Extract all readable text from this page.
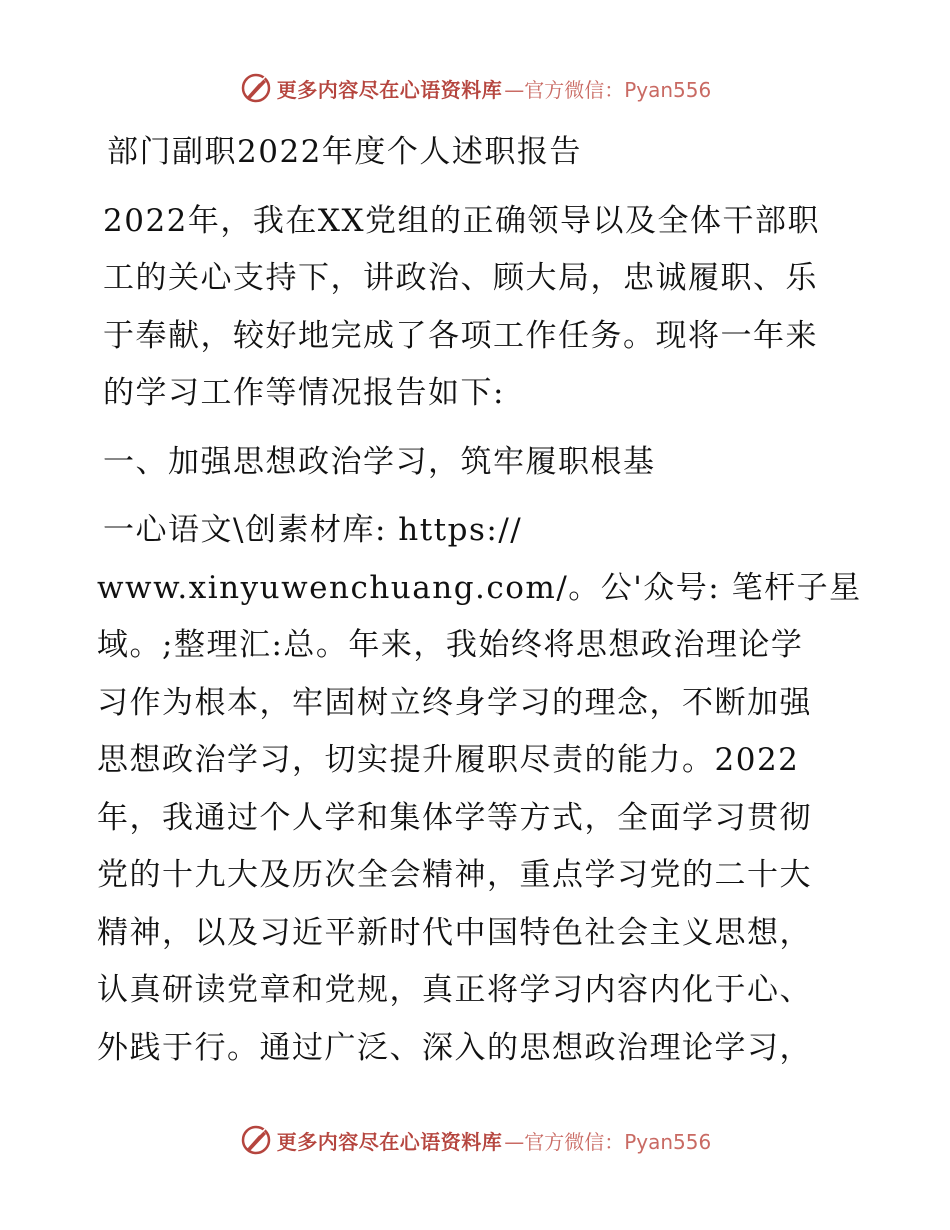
更多内容尽在心语资料库 —官方微信：Pyan556

部门副职2022年度个人述职报告

2022年，我在XX党组的正确领导以及全体干部职
工的关心支持下，讲政治、顾大局，忠诚履职、乐
于奉献，较好地完成了各项工作任务。现将一年来
的学习工作等情况报告如下:

一、加强思想政治学习，筑牢履职根基

一心语文\创素材库: https://
www.xinyuwenchuang.com/。公'众号: 笔杆子星
域。;整理汇:总。年来，我始终将思想政治理论学
习作为根本，牢固树立终身学习的理念，不断加强
思想政治学习，切实提升履职尽责的能力。2022
年，我通过个人学和集体学等方式，全面学习贯彻
党的十九大及历次全会精神，重点学习党的二十大
精神，以及习近平新时代中国特色社会主义思想，
认真研读党章和党规，真正将学习内容内化于心、
外践于行。通过广泛、深入的思想政治理论学习，
更多内容尽在心语资料库 —官方微信：Pyan556
